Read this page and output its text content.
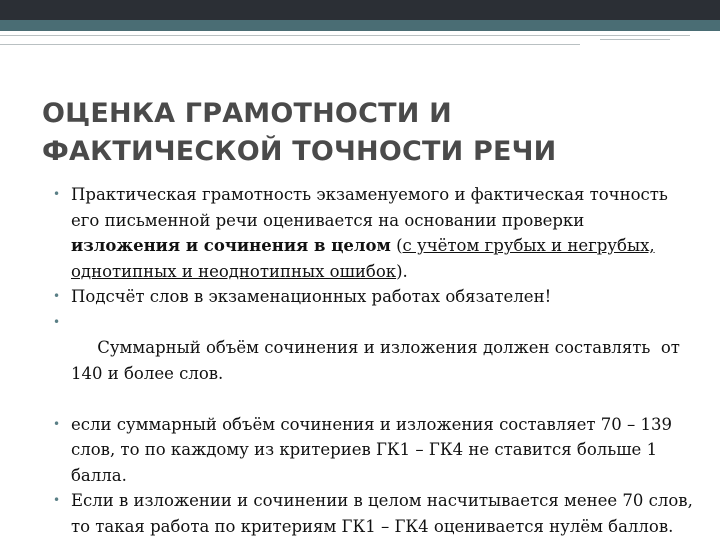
ОЦЕНКА ГРАМОТНОСТИ И
ФАКТИЧЕСКОЙ ТОЧНОСТИ РЕЧИ

• Практическая грамотность экзаменуемого и фактическая точность его письменной речи оценивается на основании проверки изложения и сочинения в целом (с учётом грубых и негрубых, однотипных и неоднотипных ошибок).

• Подсчёт слов в экзаменационных работах обязателен!

•
Суммарный объём сочинения и изложения должен составлять  от 140 и более слов.

• если суммарный объём сочинения и изложения составляет 70 – 139 слов, то по каждому из критериев ГК1 – ГК4 не ставится больше 1 балла.

• Если в изложении и сочинении в целом насчитывается менее 70 слов, то такая работа по критериям ГК1 – ГК4 оценивается нулём баллов.
